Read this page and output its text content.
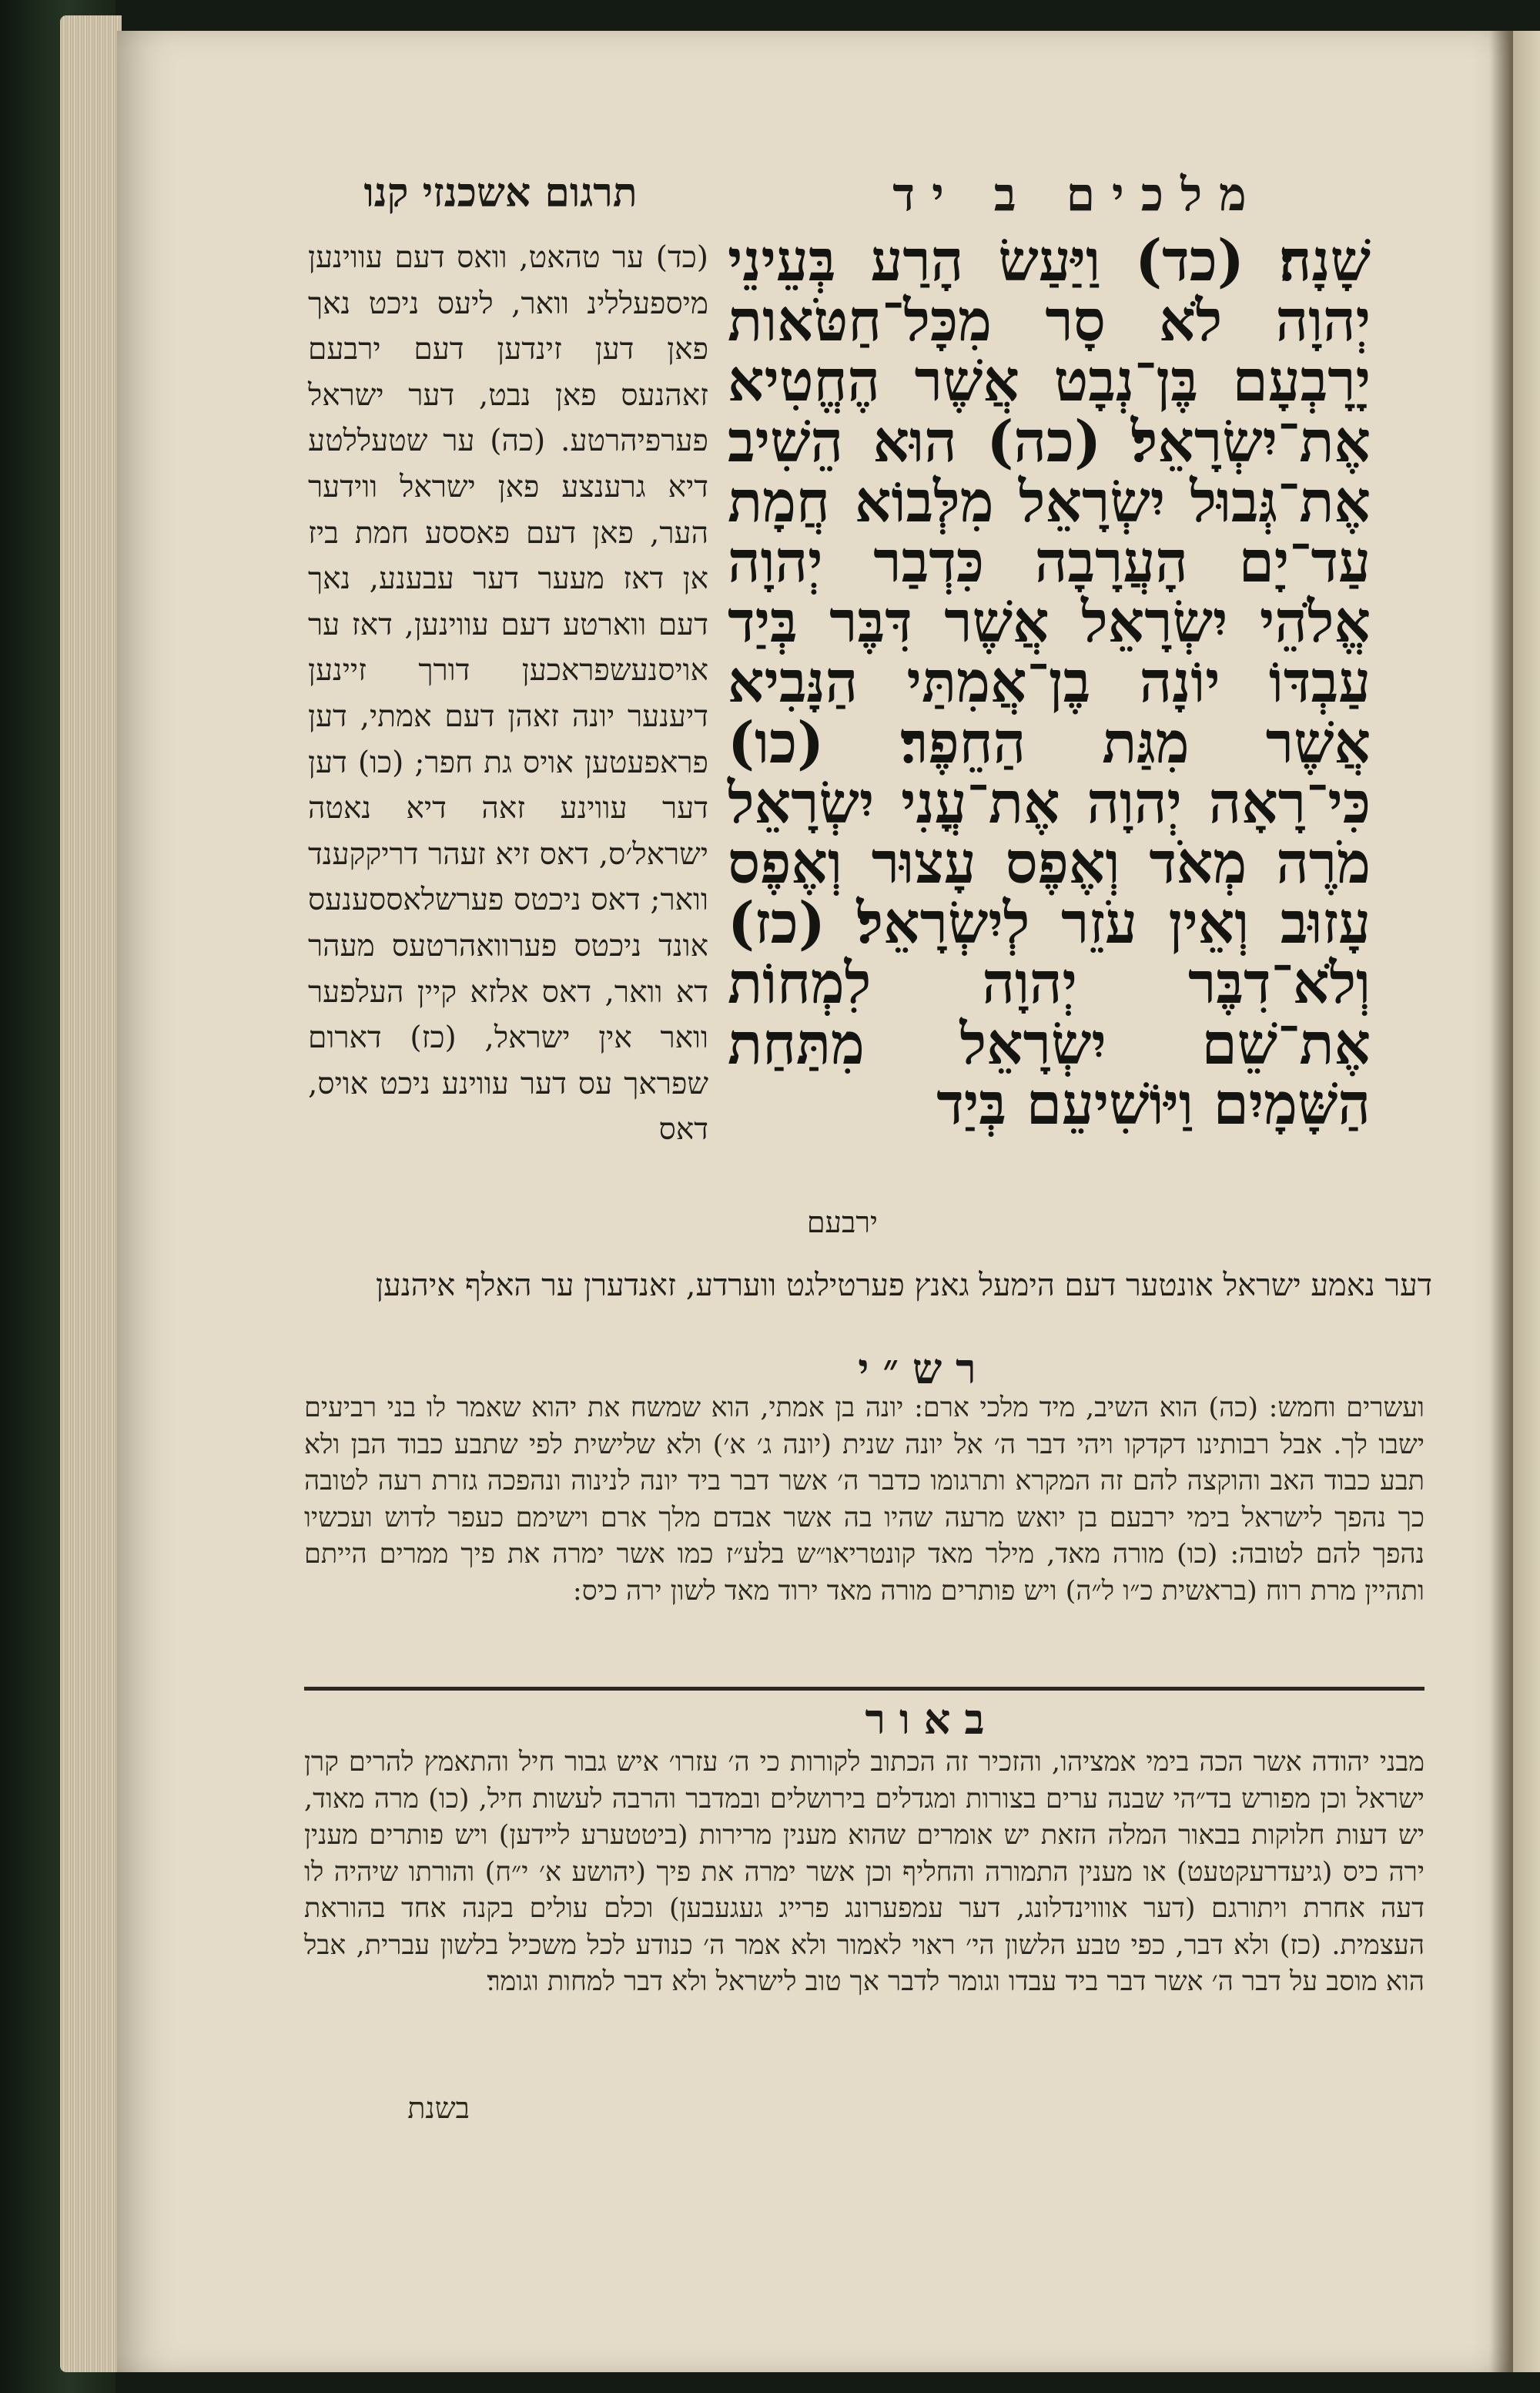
תרגום אשכנזי קנו	מלכים ב יד
(כד) ער טהאט, וואס דעם עווינען מיספעללינ וואר, ליעס ניכט נאך פאן דען זינדען דעם ירבעם זאהנעס פאן נבט, דער ישראל פערפיהרטע. (כה) ער שטעללטע דיא גרענצע פאן ישראל ווידער הער, פאן דעם פאססע חמת ביז אן דאז מעער דער עבענע, נאך דעם ווארטע דעם עווינען, דאז ער אויסנעשפראכען דורך זיינען דיענער יונה זאהן דעם אמתי, דען פראפעטען אויס גת חפר; (כו) דען דער עווינע זאה דיא נאטה ישראל׳ס, דאס זיא זעהר דריקקענד וואר; דאס ניכטס פערשלאססענעס אונד ניכטס פערוואהרטעס מעהר דא וואר, דאס אלזא קיין העלפער וואר אין ישראל, (כז) דארום שפראך עס דער עווינע ניכט אויס, דאס
שָׁנָה׃ (כד) וַיַּעַשׂ הָרַע בְּעֵינֵי יְהוָה לֹא סָר מִכָּל־חַטֹּאות יָרָבְעָם בֶּן־נְבָט אֲשֶׁר הֶחֱטִיא אֶת־יִשְׂרָאֵל׃ (כה) הוּא הֵשִׁיב אֶת־גְּבוּל יִשְׂרָאֵל מִלְּבוֹא חֲמָת עַד־יָם הָעֲרָבָה כִּדְבַר יְהוָה אֱלֹהֵי יִשְׂרָאֵל אֲשֶׁר דִּבֶּר בְּיַד עַבְדּוֹ יוֹנָה בֶן־אֲמִתַּי הַנָּבִיא אֲשֶׁר מִגַּת הַחֵפֶר׃ (כו) כִּי־רָאָה יְהוָה אֶת־עֳנִי יִשְׂרָאֵל מֹרֶה מְאֹד וְאֶפֶס עָצוּר וְאֶפֶס עָזוּב וְאֵין עֹזֵר לְיִשְׂרָאֵל׃ (כז) וְלֹא־דִבֶּר יְהוָה לִמְחוֹת אֶת־שֵׁם יִשְׂרָאֵל מִתַּחַת הַשָּׁמָיִם וַיּוֹשִׁיעֵם בְּיַד
ירבעם
דער נאמע ישראל אונטער דעם הימעל גאנץ פערטילגט ווערדע, זאנדערן ער האלף איהנען
רש״י
ועשרים וחמש: (כה) הוא השיב, מיד מלכי ארם: יונה בן אמתי, הוא שמשח את יהוא שאמר לו בני רביעים ישבו לך. אבל רבותינו דקדקו ויהי דבר ה׳ אל יונה שנית (יונה ג׳ א׳) ולא שלישית לפי שתבע כבוד הבן ולא תבע כבוד האב והוקצה להם זה המקרא ותרגומו כדבר ה׳ אשר דבר ביד יונה לנינוה ונהפכה גזרת רעה לטובה כך נהפך לישראל בימי ירבעם בן יואש מרעה שהיו בה אשר אבדם מלך ארם וישימם כעפר לדוש ועכשיו נהפך להם לטובה: (כו) מורה מאד, מילר מאד קונטריאו״ש בלע״ז כמו אשר ימרה את פיך ממרים הייתם ותהיין מרת רוח (בראשית כ״ו ל״ה) ויש פותרים מורה מאד ירוד מאד לשון ירה כיס:
באור
מבני יהודה אשר הכה בימי אמציהו, והזכיר זה הכתוב לקורות כי ה׳ עזרו׳ איש גבור חיל והתאמץ להרים קרן ישראל וכן מפורש בד״הי שבנה ערים בצורות ומגדלים בירושלים ובמדבר והרבה לעשות חיל, (כו) מרה מאוד, יש דעות חלוקות בבאור המלה הזאת יש אומרים שהוא מענין מרירות (ביטטערע לײדען) ויש פותרים מענין ירה כיס (גיעדרעקטעט) או מענין התמורה והחליף וכן אשר ימרה את פיך (יהושע א׳ י״ח) והורתו שיהיה לו דעה אחרת ויתורגם (דער אוווינדלונג, דער עמפערונג פרייג געגעבען) וכלם עולים בקנה אחד בהוראת העצמית. (כז) ולא דבר, כפי טבע הלשון הי׳ ראוי לאמור ולא אמר ה׳ כנודע לכל משכיל בלשון עברית, אבל הוא מוסב על דבר ה׳ אשר דבר ביד עבדו וגומר לדבר אך טוב לישראל ולא דבר למחות וגומר׃
בשנת
